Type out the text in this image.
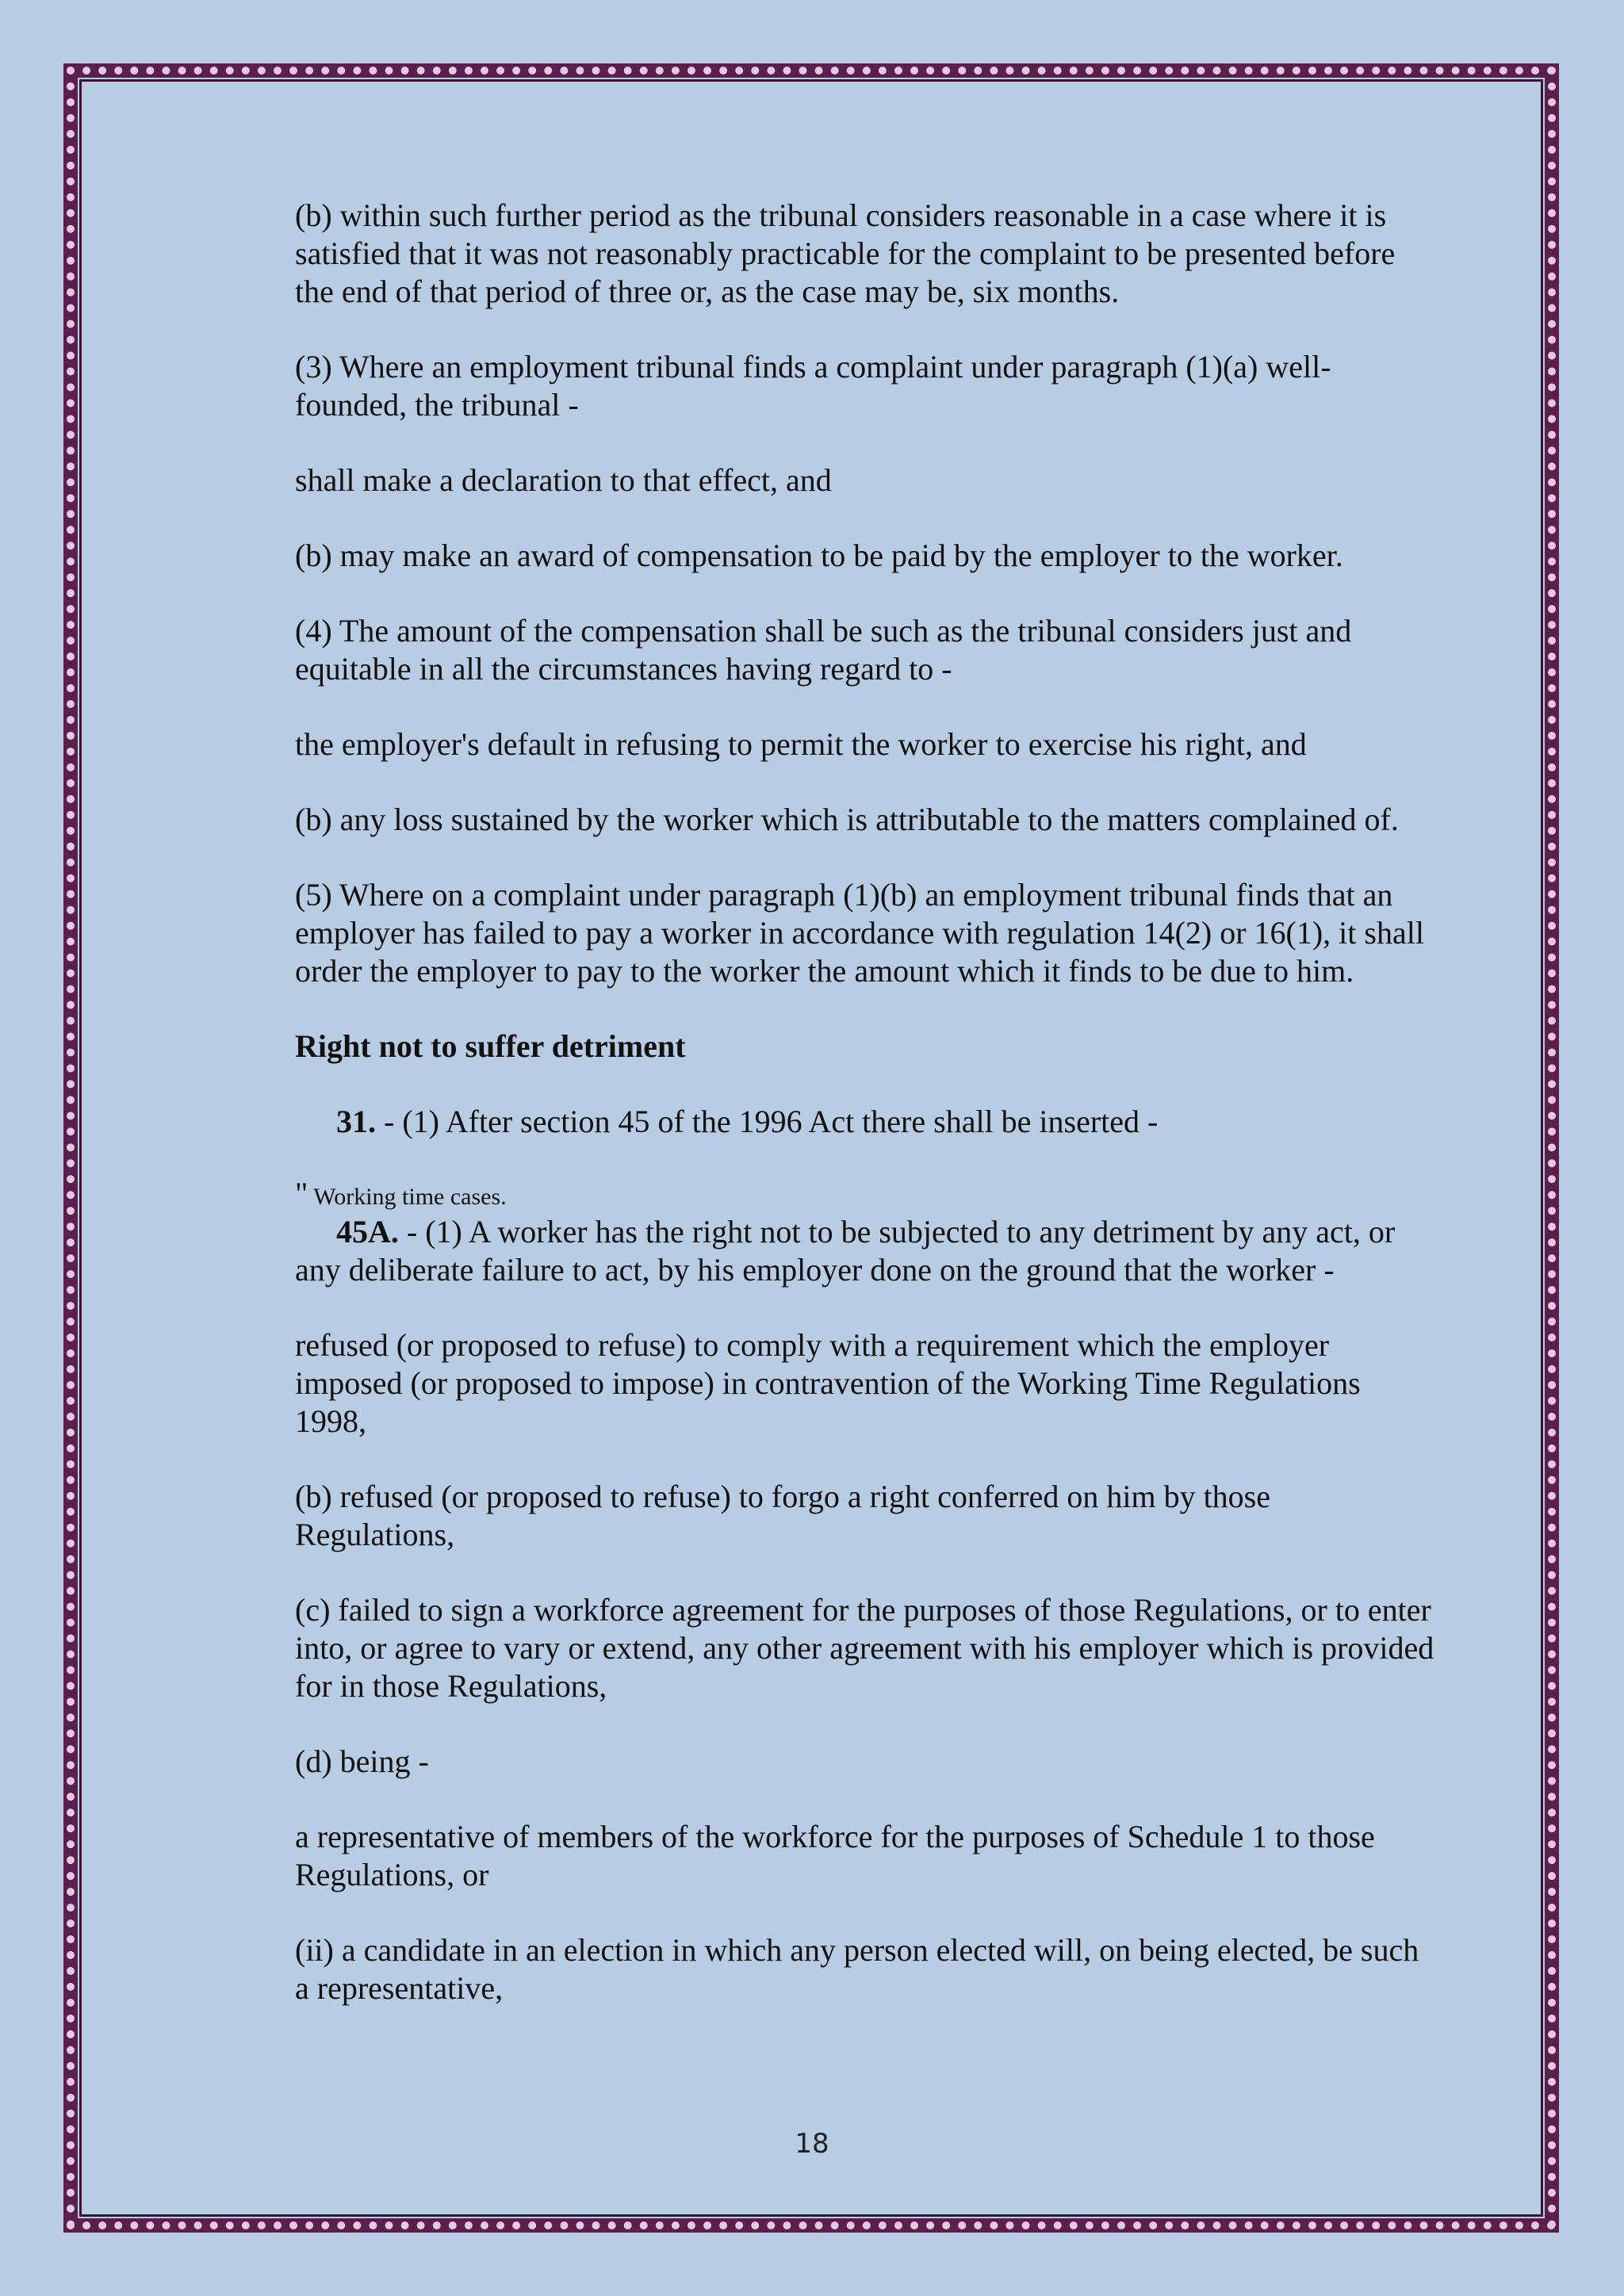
(b) within such further period as the tribunal considers reasonable in a case where it is satisfied that it was not reasonably practicable for the complaint to be presented before the end of that period of three or, as the case may be, six months.

(3) Where an employment tribunal finds a complaint under paragraph (1)(a) well-founded, the tribunal -

shall make a declaration to that effect, and

(b) may make an award of compensation to be paid by the employer to the worker.

(4) The amount of the compensation shall be such as the tribunal considers just and equitable in all the circumstances having regard to -

the employer's default in refusing to permit the worker to exercise his right, and

(b) any loss sustained by the worker which is attributable to the matters complained of.

(5) Where on a complaint under paragraph (1)(b) an employment tribunal finds that an employer has failed to pay a worker in accordance with regulation 14(2) or 16(1), it shall order the employer to pay to the worker the amount which it finds to be due to him.

Right not to suffer detriment

31. - (1) After section 45 of the 1996 Act there shall be inserted -

" Working time cases.

45A. - (1) A worker has the right not to be subjected to any detriment by any act, or any deliberate failure to act, by his employer done on the ground that the worker -

refused (or proposed to refuse) to comply with a requirement which the employer imposed (or proposed to impose) in contravention of the Working Time Regulations 1998,

(b) refused (or proposed to refuse) to forgo a right conferred on him by those Regulations,

(c) failed to sign a workforce agreement for the purposes of those Regulations, or to enter into, or agree to vary or extend, any other agreement with his employer which is provided for in those Regulations,

(d) being -

a representative of members of the workforce for the purposes of Schedule 1 to those Regulations, or

(ii) a candidate in an election in which any person elected will, on being elected, be such a representative,

18
